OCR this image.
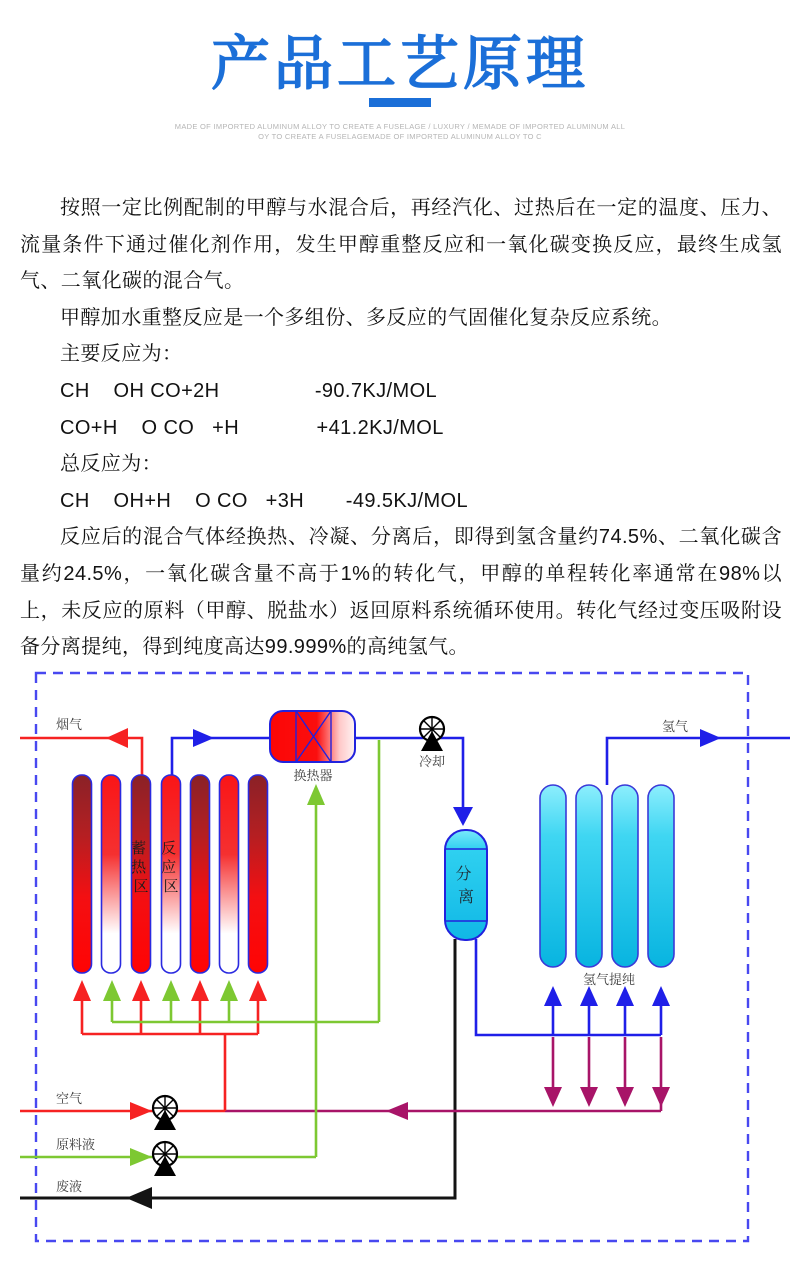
产品工艺原理
MADE OF IMPORTED ALUMINUM ALLOY TO CREATE A FUSELAGE / LUXURY / MEMADE OF IMPORTED ALUMINUM ALL
OY TO CREATE A FUSELAGEMADE OF IMPORTED ALUMINUM ALLOY TO C

按照一定比例配制的甲醇与水混合后，再经汽化、过热后在一定的温度、压力、流量条件下通过催化剂作用，发生甲醇重整反应和一氧化碳变换反应，最终生成氢气、二氧化碳的混合气。

甲醇加水重整反应是一个多组份、多反应的气固催化复杂反应系统。

主要反应为：
CH    OH CO+2H                -90.7KJ/MOL
CO+H    O CO   +H             +41.2KJ/MOL
总反应为：
CH    OH+H    O CO   +3H       -49.5KJ/MOL

反应后的混合气体经换热、冷凝、分离后，即得到氢含量约74.5%、二氧化碳含量约24.5%，一氧化碳含量不高于1%的转化气，甲醇的单程转化率通常在98%以上，未反应的原料（甲醇、脱盐水）返回原料系统循环使用。转化气经过变压吸附设备分离提纯，得到纯度高达99.999%的高纯氢气。

蓄 热 区
反 应 区
换热器
冷却
分 离
氢气提纯
烟气	氢气
空气
原料液
废液
